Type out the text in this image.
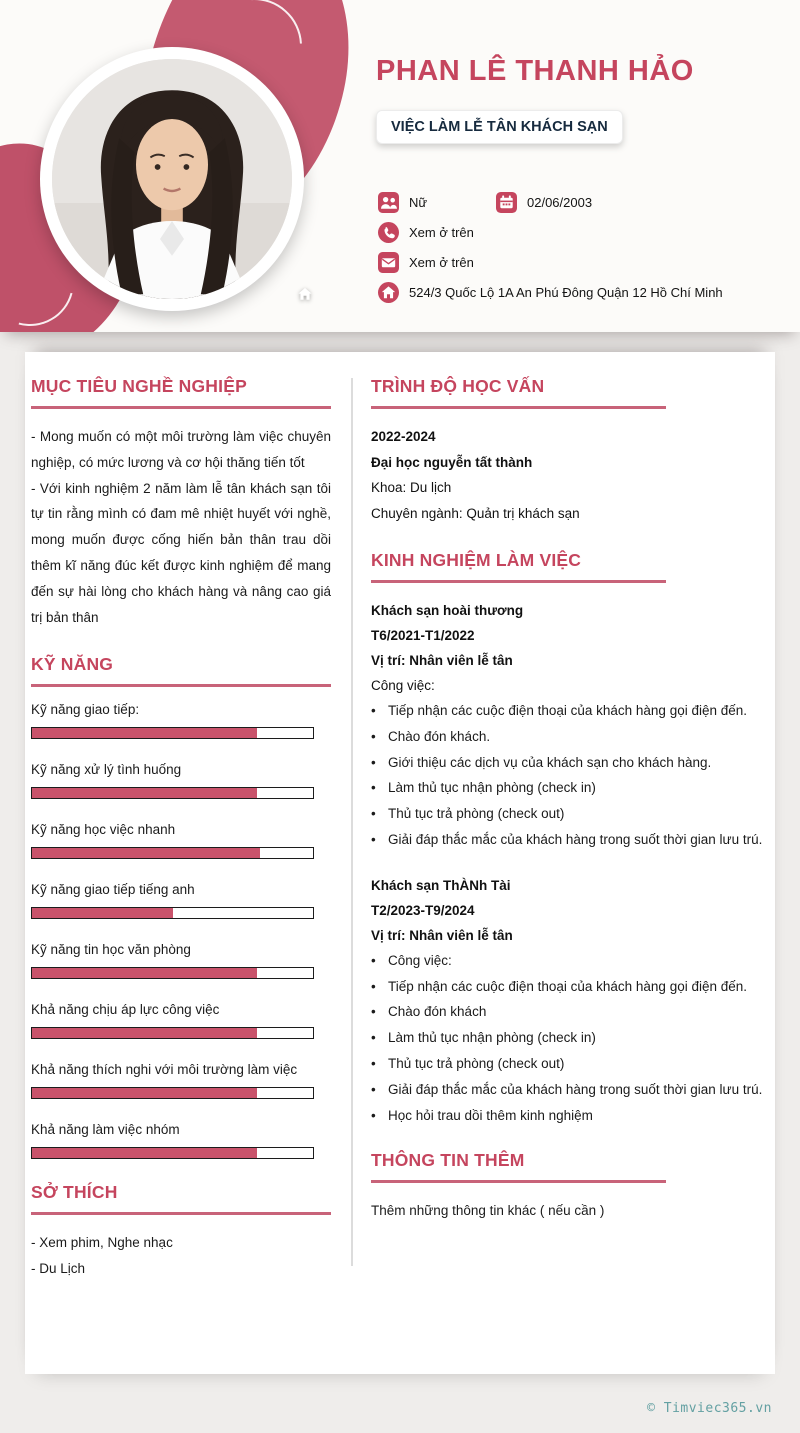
PHAN LÊ THANH HẢO
VIỆC LÀM LỄ TÂN KHÁCH SẠN
Nữ	02/06/2003
Xem ở trên
Xem ở trên
524/3 Quốc Lộ 1A An Phú Đông Quận 12 Hồ Chí Minh
MỤC TIÊU NGHỀ NGHIỆP

- Mong muốn có một môi trường làm việc chuyên nghiệp, có mức lương và cơ hội thăng tiến tốt

- Với kinh nghiệm 2 năm làm lễ tân khách sạn tôi tự tin rằng mình có đam mê nhiệt huyết với nghề, mong muốn được cống hiến bản thân trau dồi thêm kĩ năng đúc kết được kinh nghiệm để mang đến sự hài lòng cho khách hàng và nâng cao giá trị bản thân

KỸ NĂNG
Kỹ năng giao tiếp:
Kỹ năng xử lý tình huống
Kỹ năng học việc nhanh
Kỹ năng giao tiếp tiếng anh
Kỹ năng tin học văn phòng
Khả năng chịu áp lực công việc
Khả năng thích nghi với môi trường làm việc
Khả năng làm việc nhóm
SỞ THÍCH
- Xem phim, Nghe nhạc
- Du Lịch
TRÌNH ĐỘ HỌC VẤN
2022-2024
Đại học nguyễn tất thành
Khoa: Du lịch
Chuyên ngành: Quản trị khách sạn
KINH NGHIỆM LÀM VIỆC
Khách sạn hoài thương
T6/2021-T1/2022
Vị trí: Nhân viên lễ tân
Công việc:
• Tiếp nhận các cuộc điện thoại của khách hàng gọi điện đến.
• Chào đón khách.
• Giới thiệu các dịch vụ của khách sạn cho khách hàng.
• Làm thủ tục nhận phòng (check in)
• Thủ tục trả phòng (check out)
• Giải đáp thắc mắc của khách hàng trong suốt thời gian lưu trú.
Khách sạn ThÀNh Tài
T2/2023-T9/2024
Vị trí: Nhân viên lễ tân
• Công việc:
• Tiếp nhận các cuộc điện thoại của khách hàng gọi điện đến.
• Chào đón khách
• Làm thủ tục nhận phòng (check in)
• Thủ tục trả phòng (check out)
• Giải đáp thắc mắc của khách hàng trong suốt thời gian lưu trú.
• Học hỏi trau dồi thêm kinh nghiệm
THÔNG TIN THÊM
Thêm những thông tin khác ( nếu cần )
© Timviec365.vn
